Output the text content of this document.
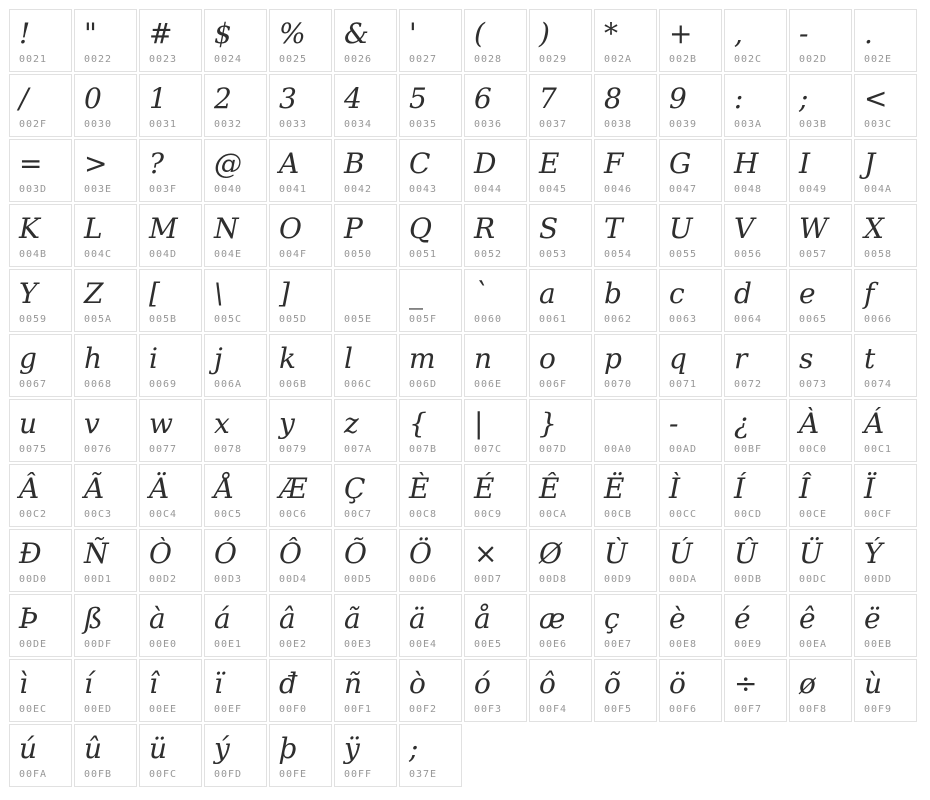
!
0021
"
0022
#
0023
$
0024
%
0025
&
0026
'
0027
(
0028
)
0029
*
002A
+
002B
,
002C
-
002D
.
002E
/
002F
0
0030
1
0031
2
0032
3
0033
4
0034
5
0035
6
0036
7
0037
8
0038
9
0039
:
003A
;
003B
<
003C
=
003D
>
003E
?
003F
@
0040
A
0041
B
0042
C
0043
D
0044
E
0045
F
0046
G
0047
H
0048
I
0049
J
004A
K
004B
L
004C
M
004D
N
004E
O
004F
P
0050
Q
0051
R
0052
S
0053
T
0054
U
0055
V
0056
W
0057
X
0058
Y
0059
Z
005A
[
005B
\
005C
]
005D	005E
_
005F
`
0060
a
0061
b
0062
c
0063
d
0064
e
0065
f
0066
g
0067
h
0068
i
0069
j
006A
k
006B
l
006C
m
006D
n
006E
o
006F
p
0070
q
0071
r
0072
s
0073
t
0074
u
0075
v
0076
w
0077
x
0078
y
0079
z
007A
{
007B
|
007C
}
007D	00A0
-
00AD
¿
00BF
À
00C0
Á
00C1
Â
00C2
Ã
00C3
Ä
00C4
Å
00C5
Æ
00C6
Ç
00C7
È
00C8
É
00C9
Ê
00CA
Ë
00CB
Ì
00CC
Í
00CD
Î
00CE
Ï
00CF
Đ
00D0
Ñ
00D1
Ò
00D2
Ó
00D3
Ô
00D4
Õ
00D5
Ö
00D6
×
00D7
Ø
00D8
Ù
00D9
Ú
00DA
Û
00DB
Ü
00DC
Ý
00DD
Þ
00DE
ß
00DF
à
00E0
á
00E1
â
00E2
ã
00E3
ä
00E4
å
00E5
æ
00E6
ç
00E7
è
00E8
é
00E9
ê
00EA
ë
00EB
ì
00EC
í
00ED
î
00EE
ï
00EF
đ
00F0
ñ
00F1
ò
00F2
ó
00F3
ô
00F4
õ
00F5
ö
00F6
÷
00F7
ø
00F8
ù
00F9
ú
00FA
û
00FB
ü
00FC
ý
00FD
þ
00FE
ÿ
00FF
;
037E
